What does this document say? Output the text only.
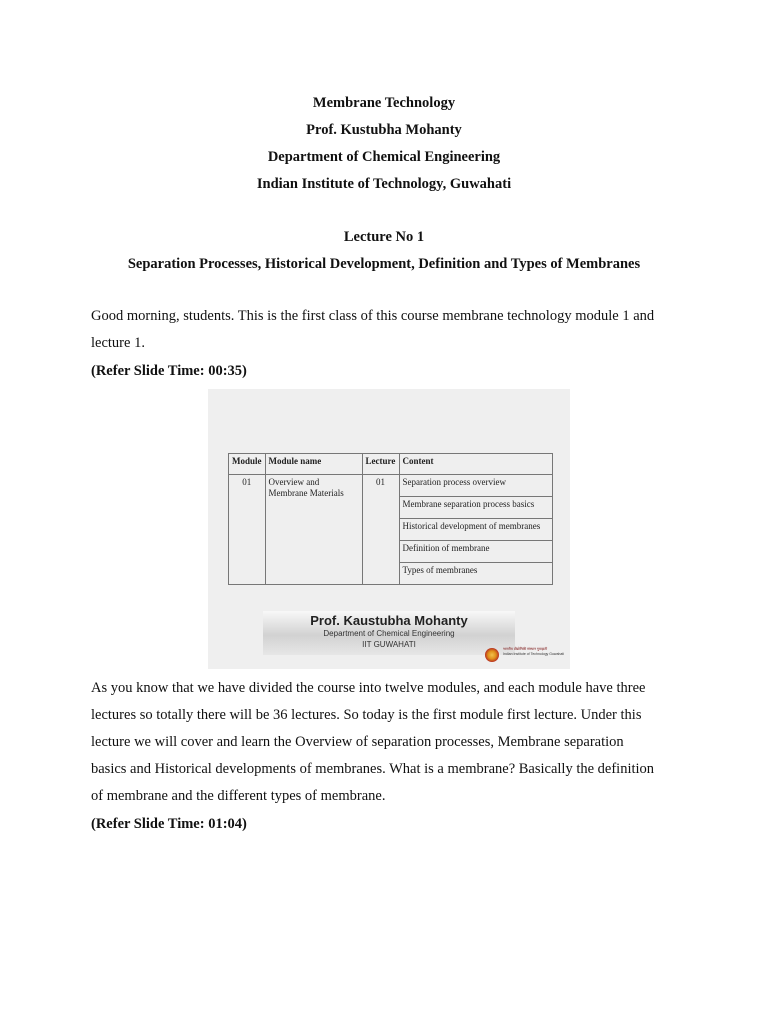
Membrane Technology
Prof. Kustubha Mohanty
Department of Chemical Engineering
Indian Institute of Technology, Guwahati
Lecture No 1
Separation Processes, Historical Development, Definition and Types of Membranes
Good morning, students. This is the first class of this course membrane technology module 1 and
lecture 1.
(Refer Slide Time: 00:35)
Module	Module name	Lecture	Content
01	Overview and Membrane Materials	01	Separation process overview
			Membrane separation process basics
			Historical development of membranes
			Definition of membrane
			Types of membranes
Prof. Kaustubha Mohanty
Department of Chemical Engineering
IIT GUWAHATI	भारतीय प्रौद्योगिकी संस्थान गुवाहाटी
Indian Institute of Technology Guwahati
As you know that we have divided the course into twelve modules, and each module have three
lectures so totally there will be 36 lectures. So today is the first module first lecture. Under this
lecture we will cover and learn the Overview of separation processes, Membrane separation
basics and Historical developments of membranes. What is a membrane? Basically the definition
of membrane and the different types of membrane.
(Refer Slide Time: 01:04)
